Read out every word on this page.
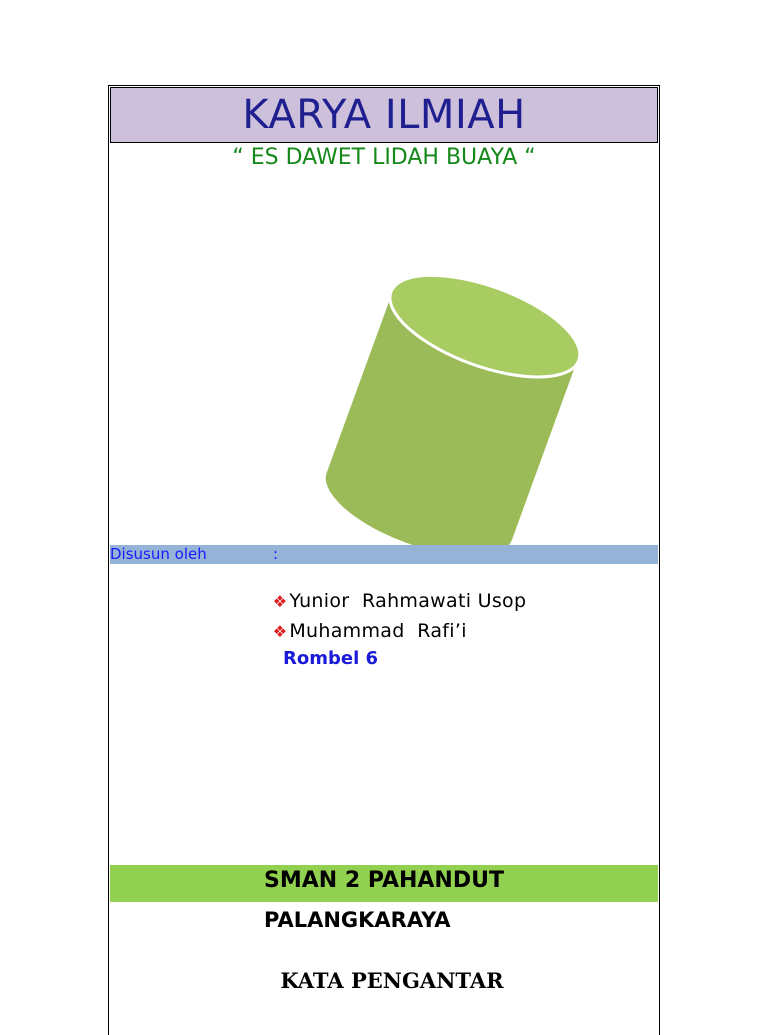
KARYA ILMIAH
“ ES DAWET LIDAH BUAYA “
Disusun oleh	:

❖ Yunior  Rahmawati Usop

❖ Muhammad  Rafi’i

Rombel 6
SMAN 2 PAHANDUT
PALANGKARAYA
KATA PENGANTAR
